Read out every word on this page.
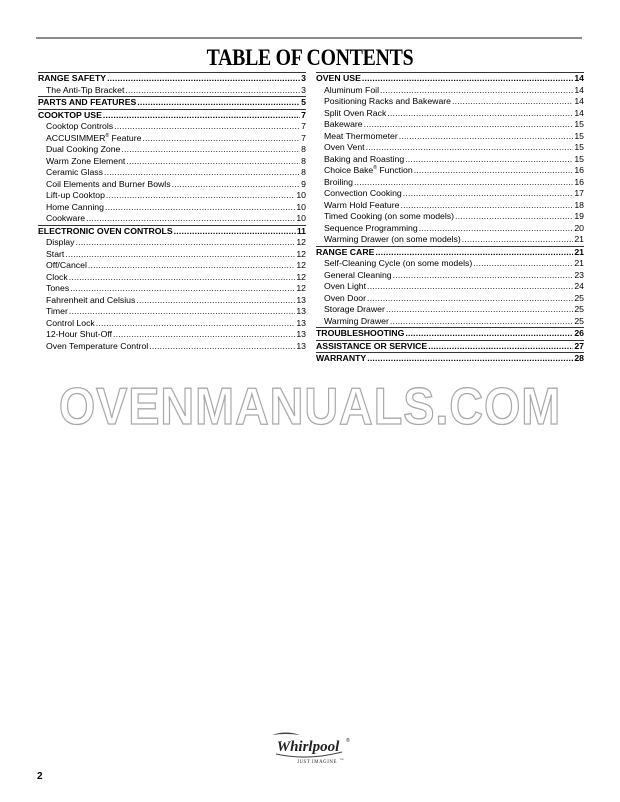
TABLE OF CONTENTS
RANGE SAFETY .....	3
The Anti-Tip Bracket .....	3
PARTS AND FEATURES .....	5
COOKTOP USE .....	7
Cooktop Controls .....	7
ACCUSIMMER® Feature .....	7
Dual Cooking Zone .....	8
Warm Zone Element .....	8
Ceramic Glass .....	8
Coil Elements and Burner Bowls .....	9
Lift-up Cooktop .....	10
Home Canning .....	10
Cookware .....	10
ELECTRONIC OVEN CONTROLS .....	11
Display .....	12
Start .....	12
Off/Cancel .....	12
Clock .....	12
Tones .....	12
Fahrenheit and Celsius .....	13
Timer .....	13
Control Lock .....	13
12-Hour Shut-Off .....	13
Oven Temperature Control .....	13
OVEN USE .....	14
Aluminum Foil .....	14
Positioning Racks and Bakeware .....	14
Split Oven Rack .....	14
Bakeware .....	15
Meat Thermometer .....	15
Oven Vent .....	15
Baking and Roasting .....	15
Choice Bake® Function .....	16
Broiling .....	16
Convection Cooking .....	17
Warm Hold Feature .....	18
Timed Cooking (on some models) .....	19
Sequence Programming .....	20
Warming Drawer (on some models) .....	21
RANGE CARE .....	21
Self-Cleaning Cycle (on some models) .....	21
General Cleaning .....	23
Oven Light .....	24
Oven Door .....	25
Storage Drawer .....	25
Warming Drawer .....	25
TROUBLESHOOTING .....	26
ASSISTANCE OR SERVICE .....	27
WARRANTY .....	28
OVENMANUALS.COM
Whirlpool ®
JUST IMAGINE ™
2
